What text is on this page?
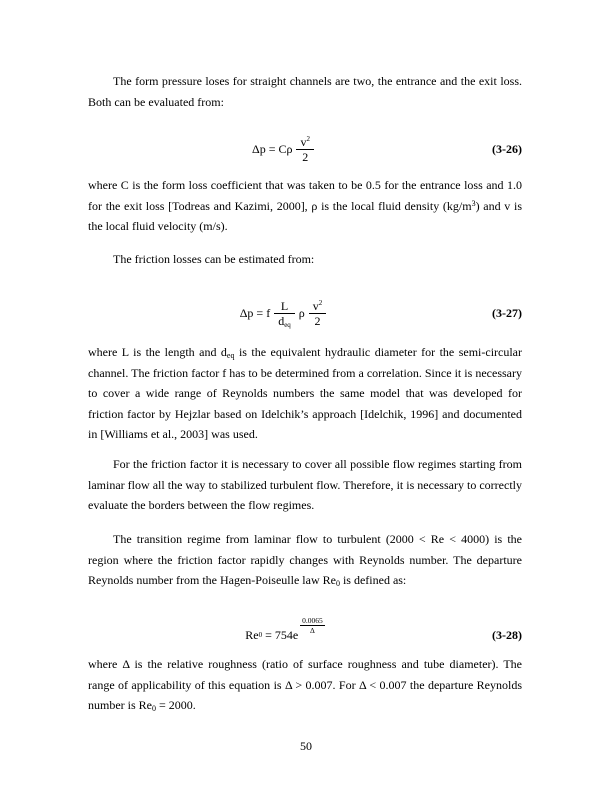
The form pressure loses for straight channels are two, the entrance and the exit loss. Both can be evaluated from:

Δp = Cρ $\frac{v^2}{2}$	(3-26)

where C is the form loss coefficient that was taken to be 0.5 for the entrance loss and 1.0 for the exit loss [Todreas and Kazimi, 2000], ρ is the local fluid density $(kg/m^3)$ and v is the local fluid velocity (m/s).

The friction losses can be estimated from:

Δp = f $\frac{L}{d_{eq}}$ ρ $\frac{v^2}{2}$	(3-27)

where L is the length and $d_{eq}$ is the equivalent hydraulic diameter for the semi-circular channel. The friction factor f has to be determined from a correlation. Since it is necessary to cover a wide range of Reynolds numbers the same model that was developed for friction factor by Hejzlar based on Idelchik’s approach [Idelchik, 1996] and documented in [Williams et al., 2003] was used.

For the friction factor it is necessary to cover all possible flow regimes starting from laminar flow all the way to stabilized turbulent flow. Therefore, it is necessary to correctly evaluate the borders between the flow regimes.

The transition regime from laminar flow to turbulent (2000 < Re < 4000) is the region where the friction factor rapidly changes with Reynolds number. The departure Reynolds number from the Hagen-Poiseulle law $Re_0$ is defined as:

Re 0 = 754e
$\frac{0.0065}{\Delta}$
(3-28)

where Δ is the relative roughness (ratio of surface roughness and tube diameter). The range of applicability of this equation is Δ > 0.007. For Δ < 0.007 the departure Reynolds number is $Re_0 = 2000$.

50
